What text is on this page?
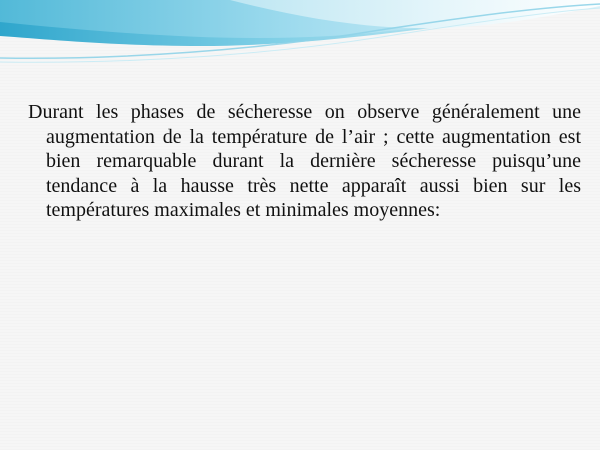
Durant les phases de sécheresse on observe généralement une augmentation de la température de l’air ; cette augmentation est bien remarquable durant la dernière sécheresse puisqu’une tendance à la hausse très nette apparaît aussi bien sur les températures maximales et minimales moyennes:
